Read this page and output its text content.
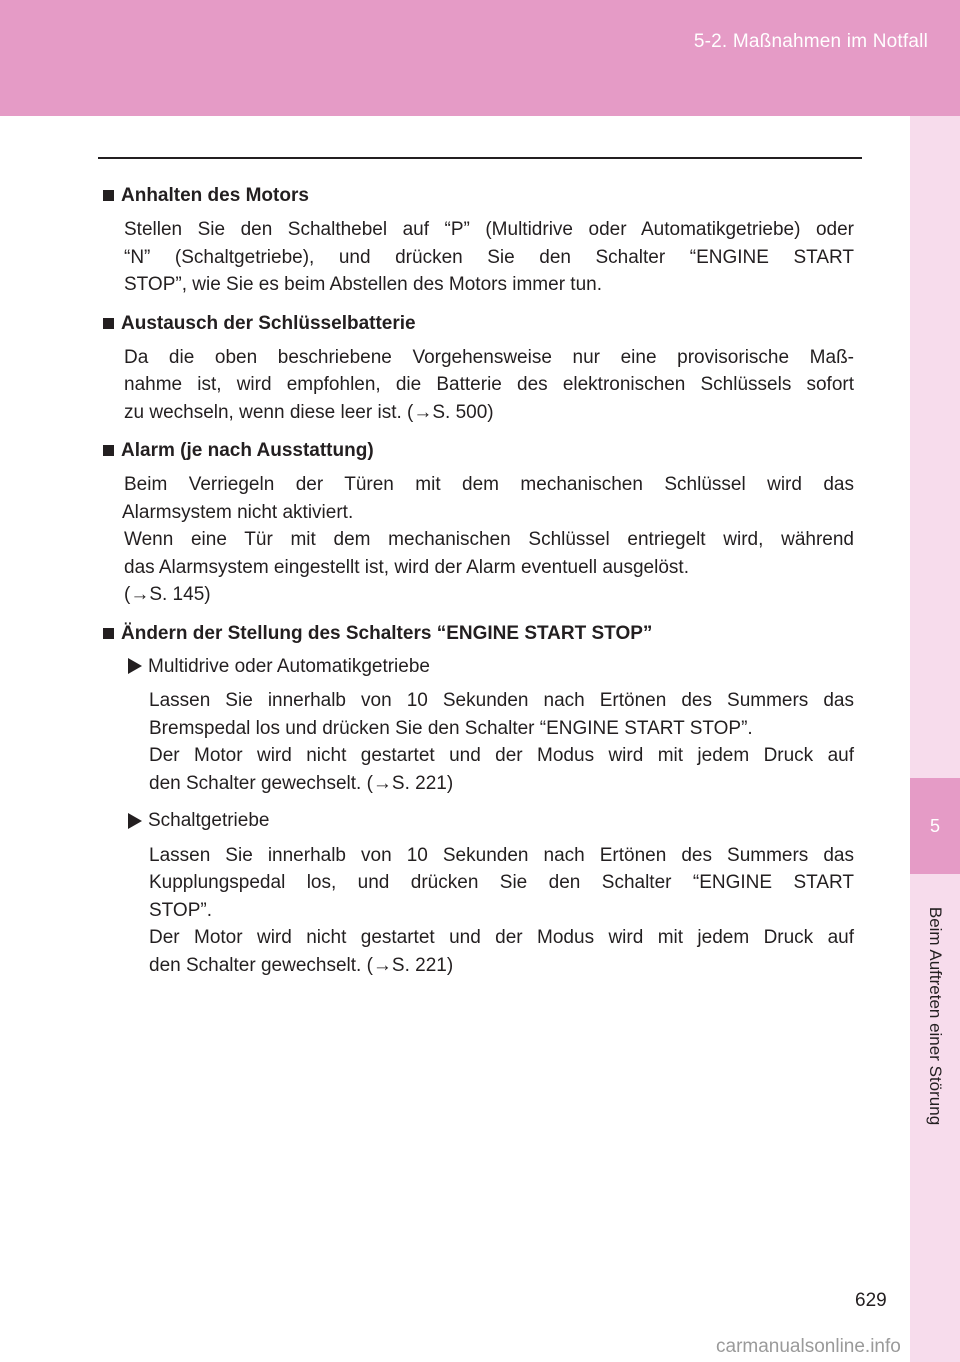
5-2. Maßnahmen im Notfall
5
Beim Auftreten einer Störung
Anhalten des Motors
Stellen Sie den Schalthebel auf “P” (Multidrive oder Automatikgetriebe) oder
“N” (Schaltgetriebe), und drücken Sie den Schalter “ENGINE START
STOP”, wie Sie es beim Abstellen des Motors immer tun.
Austausch der Schlüsselbatterie
Da die oben beschriebene Vorgehensweise nur eine provisorische Maß-
nahme ist, wird empfohlen, die Batterie des elektronischen Schlüssels sofort
zu wechseln, wenn diese leer ist. (→S. 500)
Alarm (je nach Ausstattung)
Beim Verriegeln der Türen mit dem mechanischen Schlüssel wird das
Alarmsystem nicht aktiviert.
Wenn eine Tür mit dem mechanischen Schlüssel entriegelt wird, während
das Alarmsystem eingestellt ist, wird der Alarm eventuell ausgelöst.
(→S. 145)
Ändern der Stellung des Schalters “ENGINE START STOP”
Multidrive oder Automatikgetriebe
Lassen Sie innerhalb von 10 Sekunden nach Ertönen des Summers das
Bremspedal los und drücken Sie den Schalter “ENGINE START STOP”.
Der Motor wird nicht gestartet und der Modus wird mit jedem Druck auf
den Schalter gewechselt. (→S. 221)
Schaltgetriebe
Lassen Sie innerhalb von 10 Sekunden nach Ertönen des Summers das
Kupplungspedal los, und drücken Sie den Schalter “ENGINE START
STOP”.
Der Motor wird nicht gestartet und der Modus wird mit jedem Druck auf
den Schalter gewechselt. (→S. 221)
629
carmanualsonline.info
